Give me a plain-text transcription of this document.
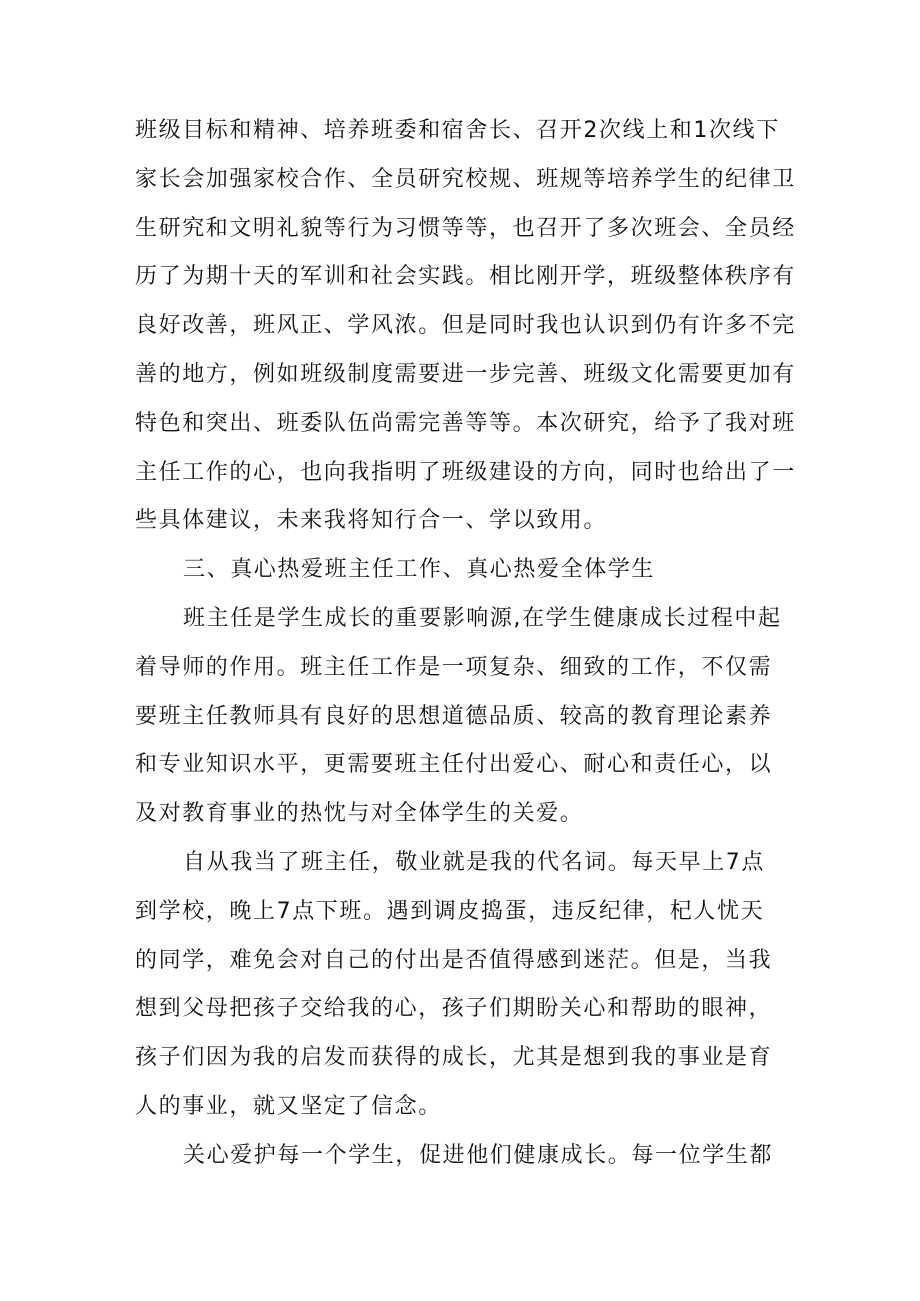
班级目标和精神、培养班委和宿舍长、召开2次线上和1次线下
家长会加强家校合作、全员研究校规、班规等培养学生的纪律卫
生研究和文明礼貌等行为习惯等等，也召开了多次班会、全员经
历了为期十天的军训和社会实践。相比刚开学，班级整体秩序有
良好改善，班风正、学风浓。但是同时我也认识到仍有许多不完
善的地方，例如班级制度需要进一步完善、班级文化需要更加有
特色和突出、班委队伍尚需完善等等。本次研究，给予了我对班
主任工作的心，也向我指明了班级建设的方向，同时也给出了一
些具体建议，未来我将知行合一、学以致用。
三、真心热爱班主任工作、真心热爱全体学生
班主任是学生成长的重要影响源,在学生健康成长过程中起
着导师的作用。班主任工作是一项复杂、细致的工作，不仅需
要班主任教师具有良好的思想道德品质、较高的教育理论素养
和专业知识水平，更需要班主任付出爱心、耐心和责任心，以
及对教育事业的热忱与对全体学生的关爱。
自从我当了班主任，敬业就是我的代名词。每天早上7点
到学校，晚上7点下班。遇到调皮捣蛋，违反纪律，杞人忧天
的同学，难免会对自己的付出是否值得感到迷茫。但是，当我
想到父母把孩子交给我的心，孩子们期盼关心和帮助的眼神，
孩子们因为我的启发而获得的成长，尤其是想到我的事业是育
人的事业，就又坚定了信念。
关心爱护每一个学生，促进他们健康成长。每一位学生都
